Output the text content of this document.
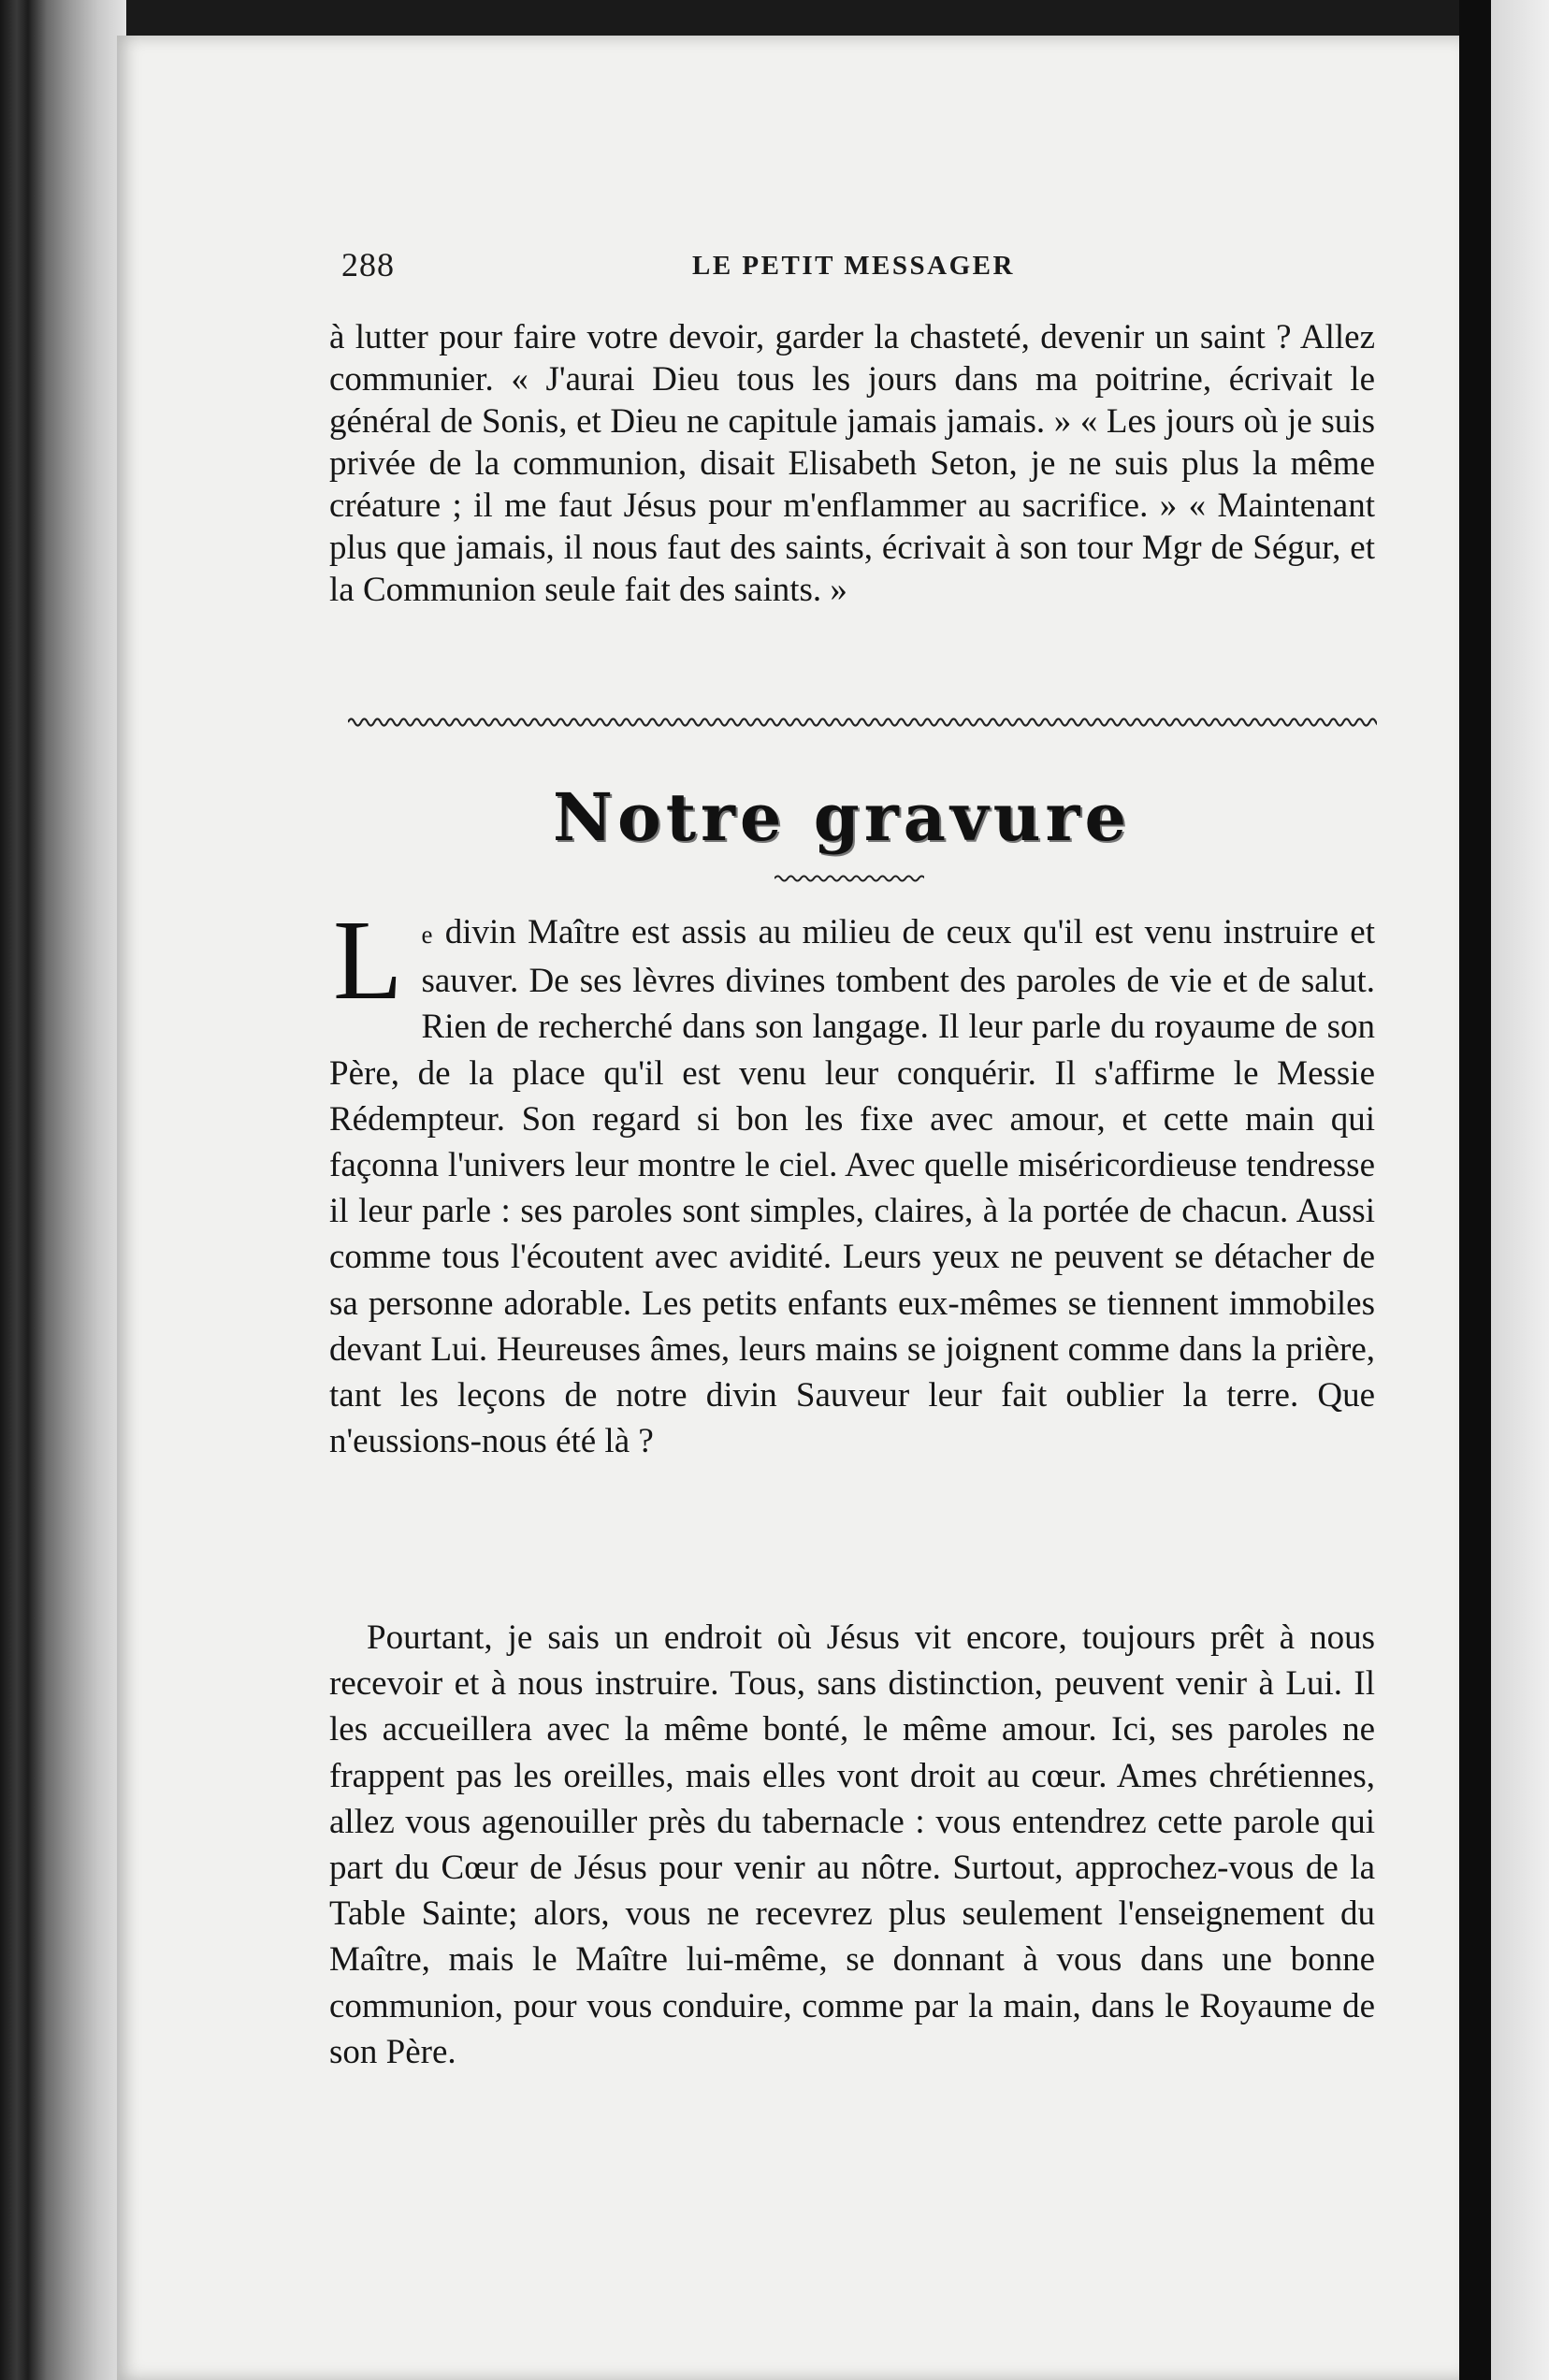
288	LE PETIT MESSAGER

à lutter pour faire votre devoir, garder la chasteté, devenir un saint ? Allez communier. « J'aurai Dieu tous les jours dans ma poitrine, écrivait le général de Sonis, et Dieu ne capitule jamais jamais. » « Les jours où je suis privée de la communion, disait Elisabeth Seton, je ne suis plus la même créature ; il me faut Jésus pour m'enflammer au sacrifice. » « Maintenant plus que jamais, il nous faut des saints, écrivait à son tour Mgr de Ségur, et la Communion seule fait des saints. »

Notre gravure
L e divin Maître est assis au milieu de ceux qu'il est venu instruire et sauver. De ses lèvres divines tombent des paroles de vie et de salut. Rien de recherché dans son langage. Il leur parle du royaume de son Père, de la place qu'il est venu leur conquérir. Il s'affirme le Messie Rédempteur. Son regard si bon les fixe avec amour, et cette main qui façonna l'univers leur montre le ciel. Avec quelle miséricordieuse tendresse il leur parle : ses paroles sont simples, claires, à la portée de chacun. Aussi comme tous l'écoutent avec avidité. Leurs yeux ne peuvent se détacher de sa personne adorable. Les petits enfants eux-mêmes se tiennent immobiles devant Lui. Heureuses âmes, leurs mains se joignent comme dans la prière, tant les leçons de notre divin Sauveur leur fait oublier la terre. Que n'eussions-nous été là ?

Pourtant, je sais un endroit où Jésus vit encore, toujours prêt à nous recevoir et à nous instruire. Tous, sans distinction, peuvent venir à Lui. Il les accueillera avec la même bonté, le même amour. Ici, ses paroles ne frappent pas les oreilles, mais elles vont droit au cœur. Ames chrétiennes, allez vous agenouiller près du tabernacle : vous entendrez cette parole qui part du Cœur de Jésus pour venir au nôtre. Surtout, approchez-vous de la Table Sainte; alors, vous ne recevrez plus seulement l'enseignement du Maître, mais le Maître lui-même, se donnant à vous dans une bonne communion, pour vous conduire, comme par la main, dans le Royaume de son Père.
